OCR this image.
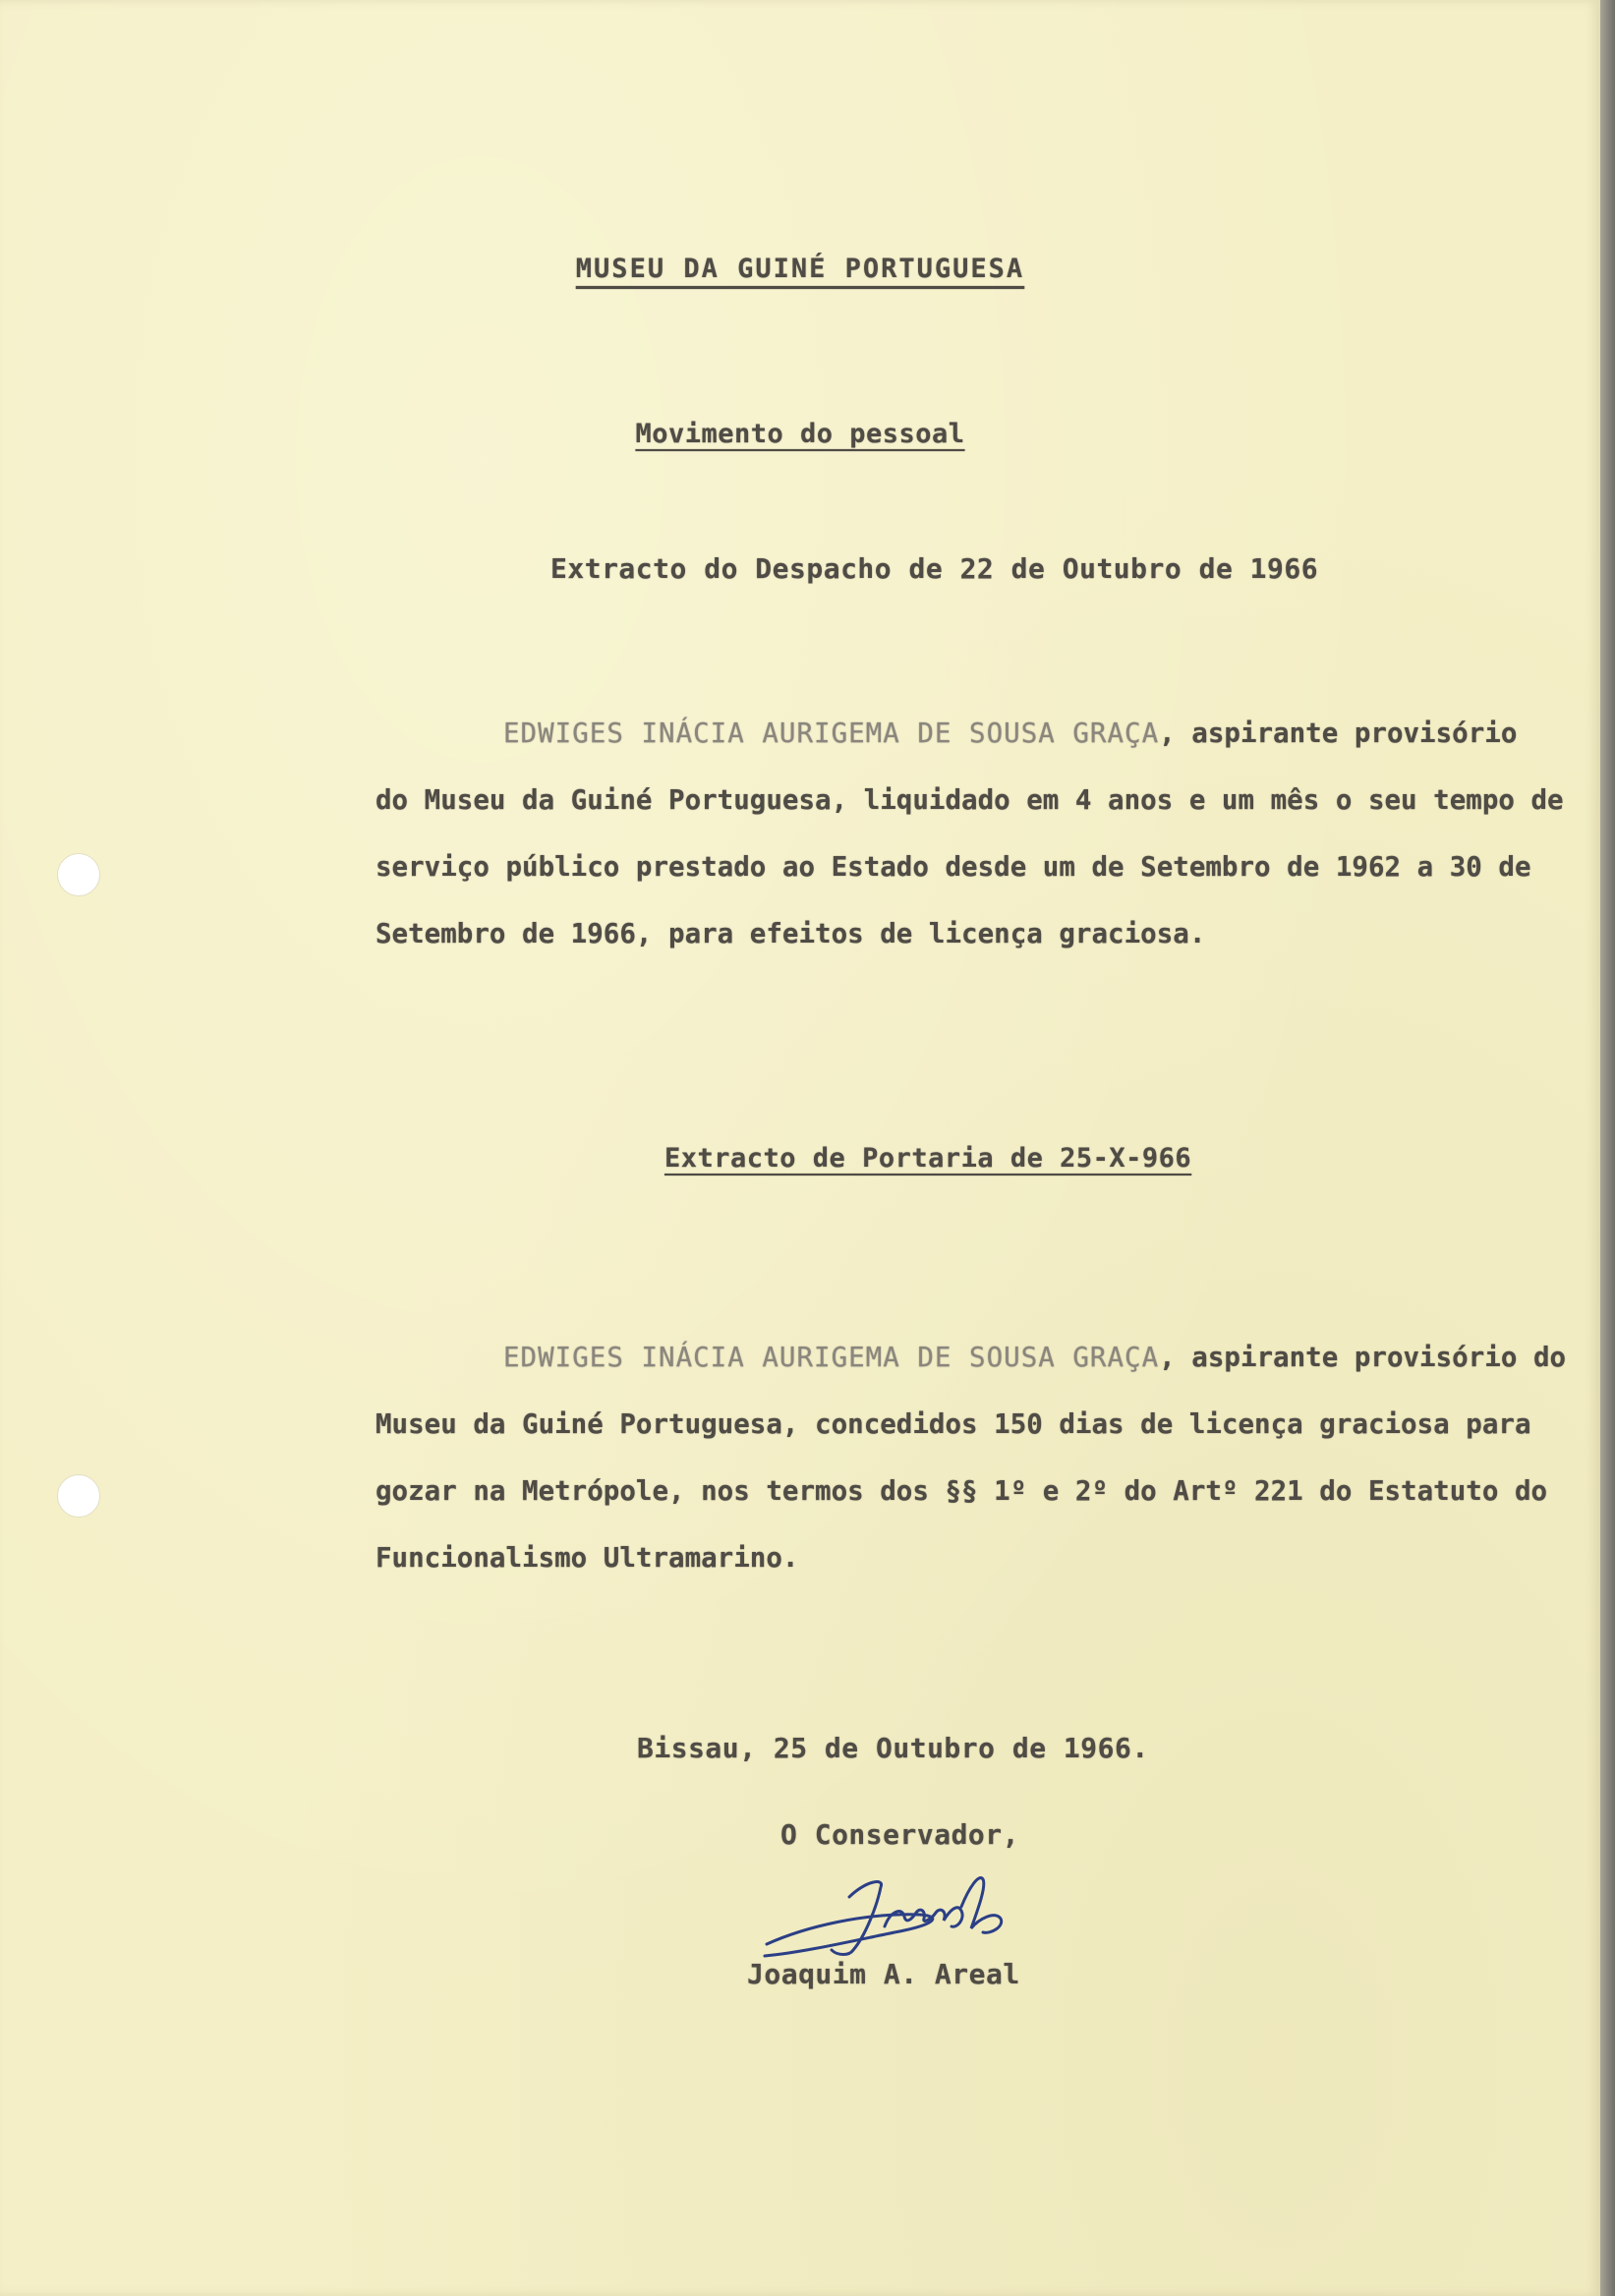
MUSEU DA GUINÉ PORTUGUESA
Movimento do pessoal
Extracto do Despacho de 22 de Outubro de 1966
EDWIGES INÁCIA AURIGEMA DE SOUSA GRAÇA, aspirante provisório
do Museu da Guiné Portuguesa, liquidado em 4 anos e um mês o seu tempo de
serviço público prestado ao Estado desde um de Setembro de 1962 a 30 de
Setembro de 1966, para efeitos de licença graciosa.
Extracto de Portaria de 25-X-966
EDWIGES INÁCIA AURIGEMA DE SOUSA GRAÇA, aspirante provisório do
Museu da Guiné Portuguesa, concedidos 150 dias de licença graciosa para
gozar na Metrópole, nos termos dos §§ 1º e 2º do Artº 221 do Estatuto do
Funcionalismo Ultramarino.
Bissau, 25 de Outubro de 1966.
O Conservador,
Joaquim A. Areal
